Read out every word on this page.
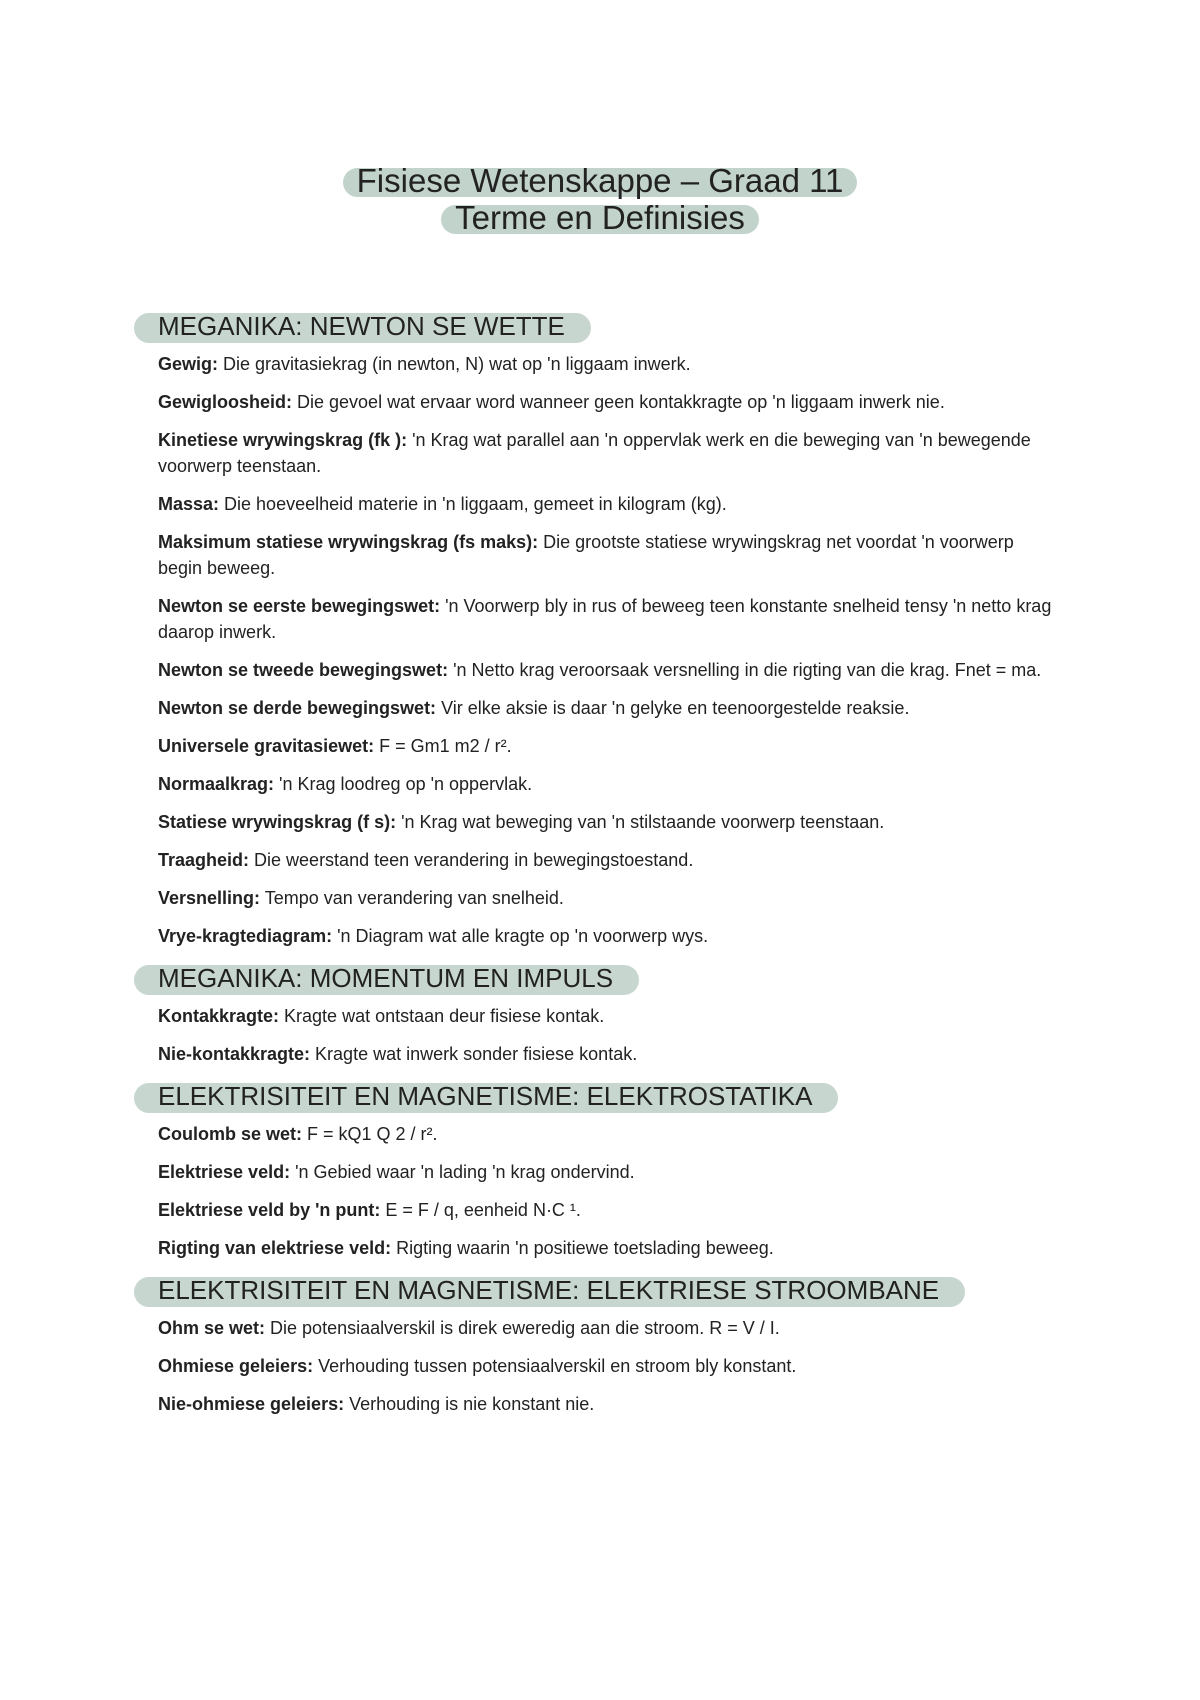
Fisiese Wetenskappe – Graad 11
Terme en Definisies
MEGANIKA: NEWTON SE WETTE

Gewig: Die gravitasiekrag (in newton, N) wat op 'n liggaam inwerk.

Gewigloosheid: Die gevoel wat ervaar word wanneer geen kontakkragte op 'n liggaam inwerk nie.

Kinetiese wrywingskrag (fk ): 'n Krag wat parallel aan 'n oppervlak werk en die beweging van 'n bewegende voorwerp teenstaan.

Massa: Die hoeveelheid materie in 'n liggaam, gemeet in kilogram (kg).

Maksimum statiese wrywingskrag (fs maks): Die grootste statiese wrywingskrag net voordat 'n voorwerp begin beweeg.

Newton se eerste bewegingswet: 'n Voorwerp bly in rus of beweeg teen konstante snelheid tensy 'n netto krag daarop inwerk.

Newton se tweede bewegingswet: 'n Netto krag veroorsaak versnelling in die rigting van die krag. Fnet = ma.

Newton se derde bewegingswet: Vir elke aksie is daar 'n gelyke en teenoorgestelde reaksie.

Universele gravitasiewet: F = Gm1 m2 / r².

Normaalkrag: 'n Krag loodreg op 'n oppervlak.

Statiese wrywingskrag (f s): 'n Krag wat beweging van 'n stilstaande voorwerp teenstaan.

Traagheid: Die weerstand teen verandering in bewegingstoestand.

Versnelling: Tempo van verandering van snelheid.

Vrye-kragtediagram: 'n Diagram wat alle kragte op 'n voorwerp wys.

MEGANIKA: MOMENTUM EN IMPULS

Kontakkragte: Kragte wat ontstaan deur fisiese kontak.

Nie-kontakkragte: Kragte wat inwerk sonder fisiese kontak.

ELEKTRISITEIT EN MAGNETISME: ELEKTROSTATIKA

Coulomb se wet: F = kQ1 Q 2 / r².

Elektriese veld: 'n Gebied waar 'n lading 'n krag ondervind.

Elektriese veld by 'n punt: E = F / q, eenheid N·C ¹.

Rigting van elektriese veld: Rigting waarin 'n positiewe toetslading beweeg.

ELEKTRISITEIT EN MAGNETISME: ELEKTRIESE STROOMBANE

Ohm se wet: Die potensiaalverskil is direk eweredig aan die stroom. R = V / I.

Ohmiese geleiers: Verhouding tussen potensiaalverskil en stroom bly konstant.

Nie-ohmiese geleiers: Verhouding is nie konstant nie.
